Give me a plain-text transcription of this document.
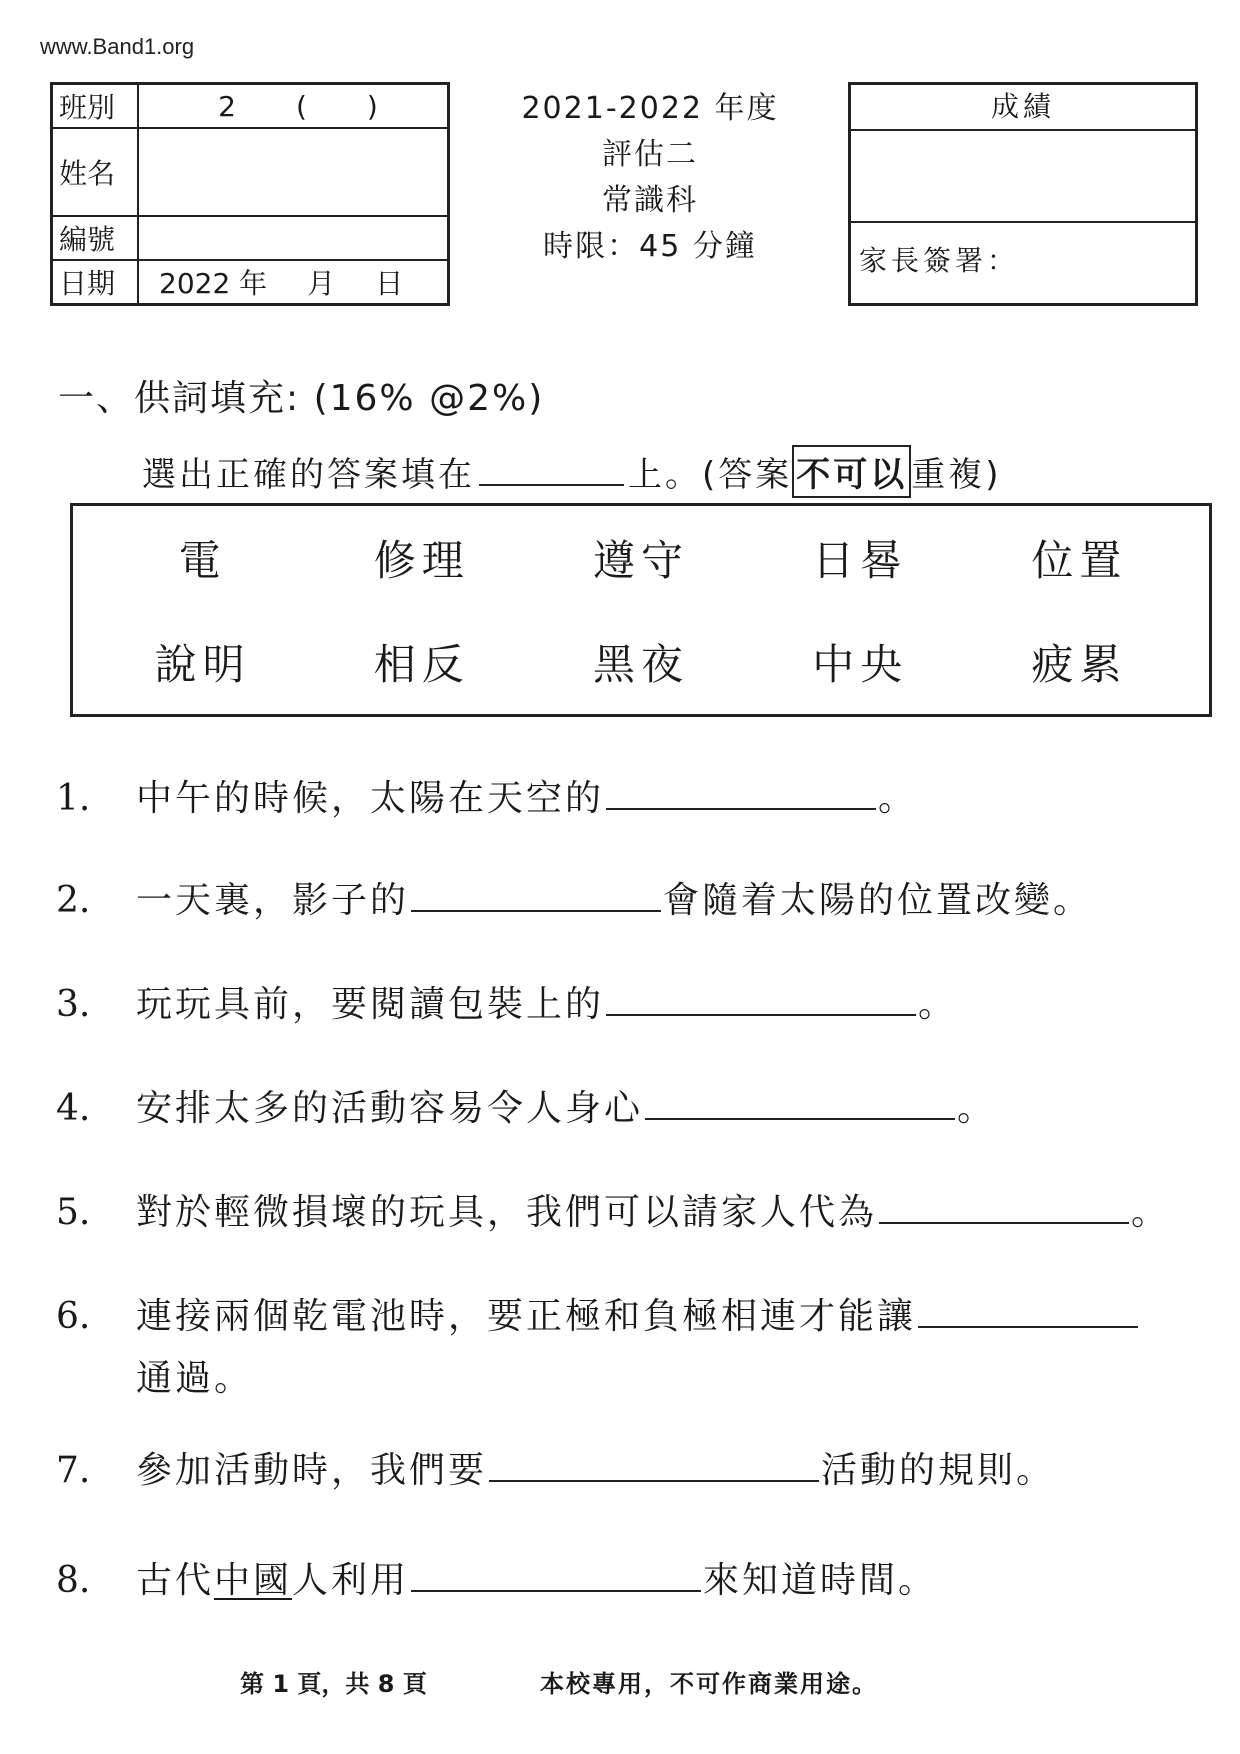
www.Band1.org
班別	2 ( )

姓名	
編號	
日期	2022 年 月 日
2021-2022 年度
評估二
常識科
時限：45 分鐘
成績
家長簽署：
一、供詞填充: (16% @2%)
選出正確的答案填在	上。(答案 不可以 重複)
電	修理	遵守	日晷	位置
說明	相反	黑夜	中央	疲累
1.	中午的時候，太陽在天空的	。
2.	一天裏，影子的	會隨着太陽的位置改變。
3.	玩玩具前，要閱讀包裝上的	。
4.	安排太多的活動容易令人身心	。
5.	對於輕微損壞的玩具，我們可以請家人代為	。
6.	連接兩個乾電池時，要正極和負極相連才能讓
通過。
7.	參加活動時，我們要	活動的規則。
8.	古代 中國 人利用	來知道時間。
第 1 頁，共 8 頁	本校專用，不可作商業用途。
